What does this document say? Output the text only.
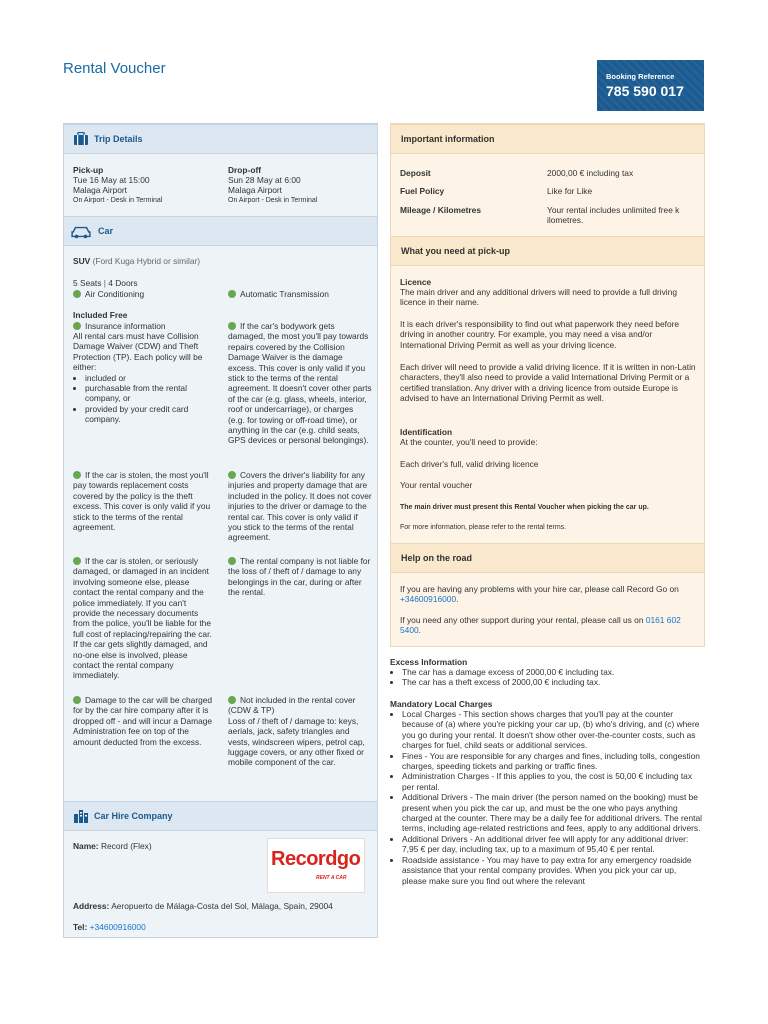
Rental Voucher	Booking Reference
785 590 017
Trip Details
Pick-up
Tue 16 May at 15:00
Malaga Airport
On Airport - Desk in Terminal
Drop-off
Sun 28 May at 6:00
Malaga Airport
On Airport - Desk in Terminal
Car
SUV (Ford Kuga Hybrid or similar)
5 Seats | 4 Doors
Air Conditioning	Automatic Transmission
Included Free
Insurance information
All rental cars must have Collision Damage Waiver (CDW) and Theft Protection (TP). Each policy will be either:
• included or
• purchasable from the rental company, or
• provided by your credit card company.
If the car's bodywork gets damaged, the most you'll pay towards repairs covered by the Collision Damage Waiver is the damage excess. This cover is only valid if you stick to the terms of the rental agreement. It doesn't cover other parts of the car (e.g. glass, wheels, interior, roof or undercarriage), or charges (e.g. for towing or off-road time), or anything in the car (e.g. child seats, GPS devices or personal belongings).
If the car is stolen, the most you'll pay towards replacement costs covered by the policy is the theft excess. This cover is only valid if you stick to the terms of the rental agreement.
Covers the driver's liability for any injuries and property damage that are included in the policy. It does not cover injuries to the driver or damage to the rental car. This cover is only valid if you stick to the terms of the rental agreement.
If the car is stolen, or seriously damaged, or damaged in an incident involving someone else, please contact the rental company and the police immediately. If you can't provide the necessary documents from the police, you'll be liable for the full cost of replacing/repairing the car. If the car gets slightly damaged, and no-one else is involved, please contact the rental company immediately.
The rental company is not liable for the loss of / theft of / damage to any belongings in the car, during or after the rental.
Damage to the car will be charged for by the car hire company after it is dropped off - and will incur a Damage Administration fee on top of the amount deducted from the excess.
Not included in the rental cover (CDW & TP)
Loss of / theft of / damage to: keys, aerials, jack, safety triangles and vests, windscreen wipers, petrol cap, luggage covers, or any other fixed or mobile component of the car.
Car Hire Company
Name: Record (Flex)
Address: Aeropuerto de Málaga-Costa del Sol, Málaga, Spain, 29004
Tel: +34600916000
Recordgo
RENT A CAR
Important information
Deposit	2000,00 € including tax
Fuel Policy	Like for Like
Mileage / Kilometres	Your rental includes unlimited free k ilometres.
What you need at pick-up
Licence
The main driver and any additional drivers will need to provide a full driving licence in their name.
It is each driver's responsibility to find out what paperwork they need before driving in another country. For example, you may need a visa and/or International Driving Permit as well as your driving licence.
Each driver will need to provide a valid driving licence. If it is written in non-Latin characters, they'll also need to provide a valid International Driving Permit or a certified translation. Any driver with a driving licence from outside Europe is advised to have an International Driving Permit as well.
Identification
At the counter, you'll need to provide:
Each driver's full, valid driving licence
Your rental voucher
The main driver must present this Rental Voucher when picking the car up.
For more information, please refer to the rental terms.
Help on the road
If you are having any problems with your hire car, please call Record Go on +34600916000.
If you need any other support during your rental, please call us on 0161 602 5400.
Excess Information
• The car has a damage excess of 2000,00 € including tax.
• The car has a theft excess of 2000,00 € including tax.
Mandatory Local Charges
• Local Charges - This section shows charges that you'll pay at the counter because of (a) where you're picking your car up, (b) who's driving, and (c) where you go during your rental. It doesn't show other over-the-counter costs, such as charges for fuel, child seats or additional services.
• Fines - You are responsible for any charges and fines, including tolls, congestion charges, speeding tickets and parking or traffic fines.
• Administration Charges - If this applies to you, the cost is 50,00 € including tax per rental.
• Additional Drivers - The main driver (the person named on the booking) must be present when you pick the car up, and must be the one who pays anything charged at the counter. There may be a daily fee for additional drivers. The rental terms, including age-related restrictions and fees, apply to any additional drivers.
• Additional Drivers - An additional driver fee will apply for any additional driver: 7,95 € per day, including tax, up to a maximum of 95,40 € per rental.
• Roadside assistance - You may have to pay extra for any emergency roadside assistance that your rental company provides. When you pick your car up, please make sure you find out where the relevant
